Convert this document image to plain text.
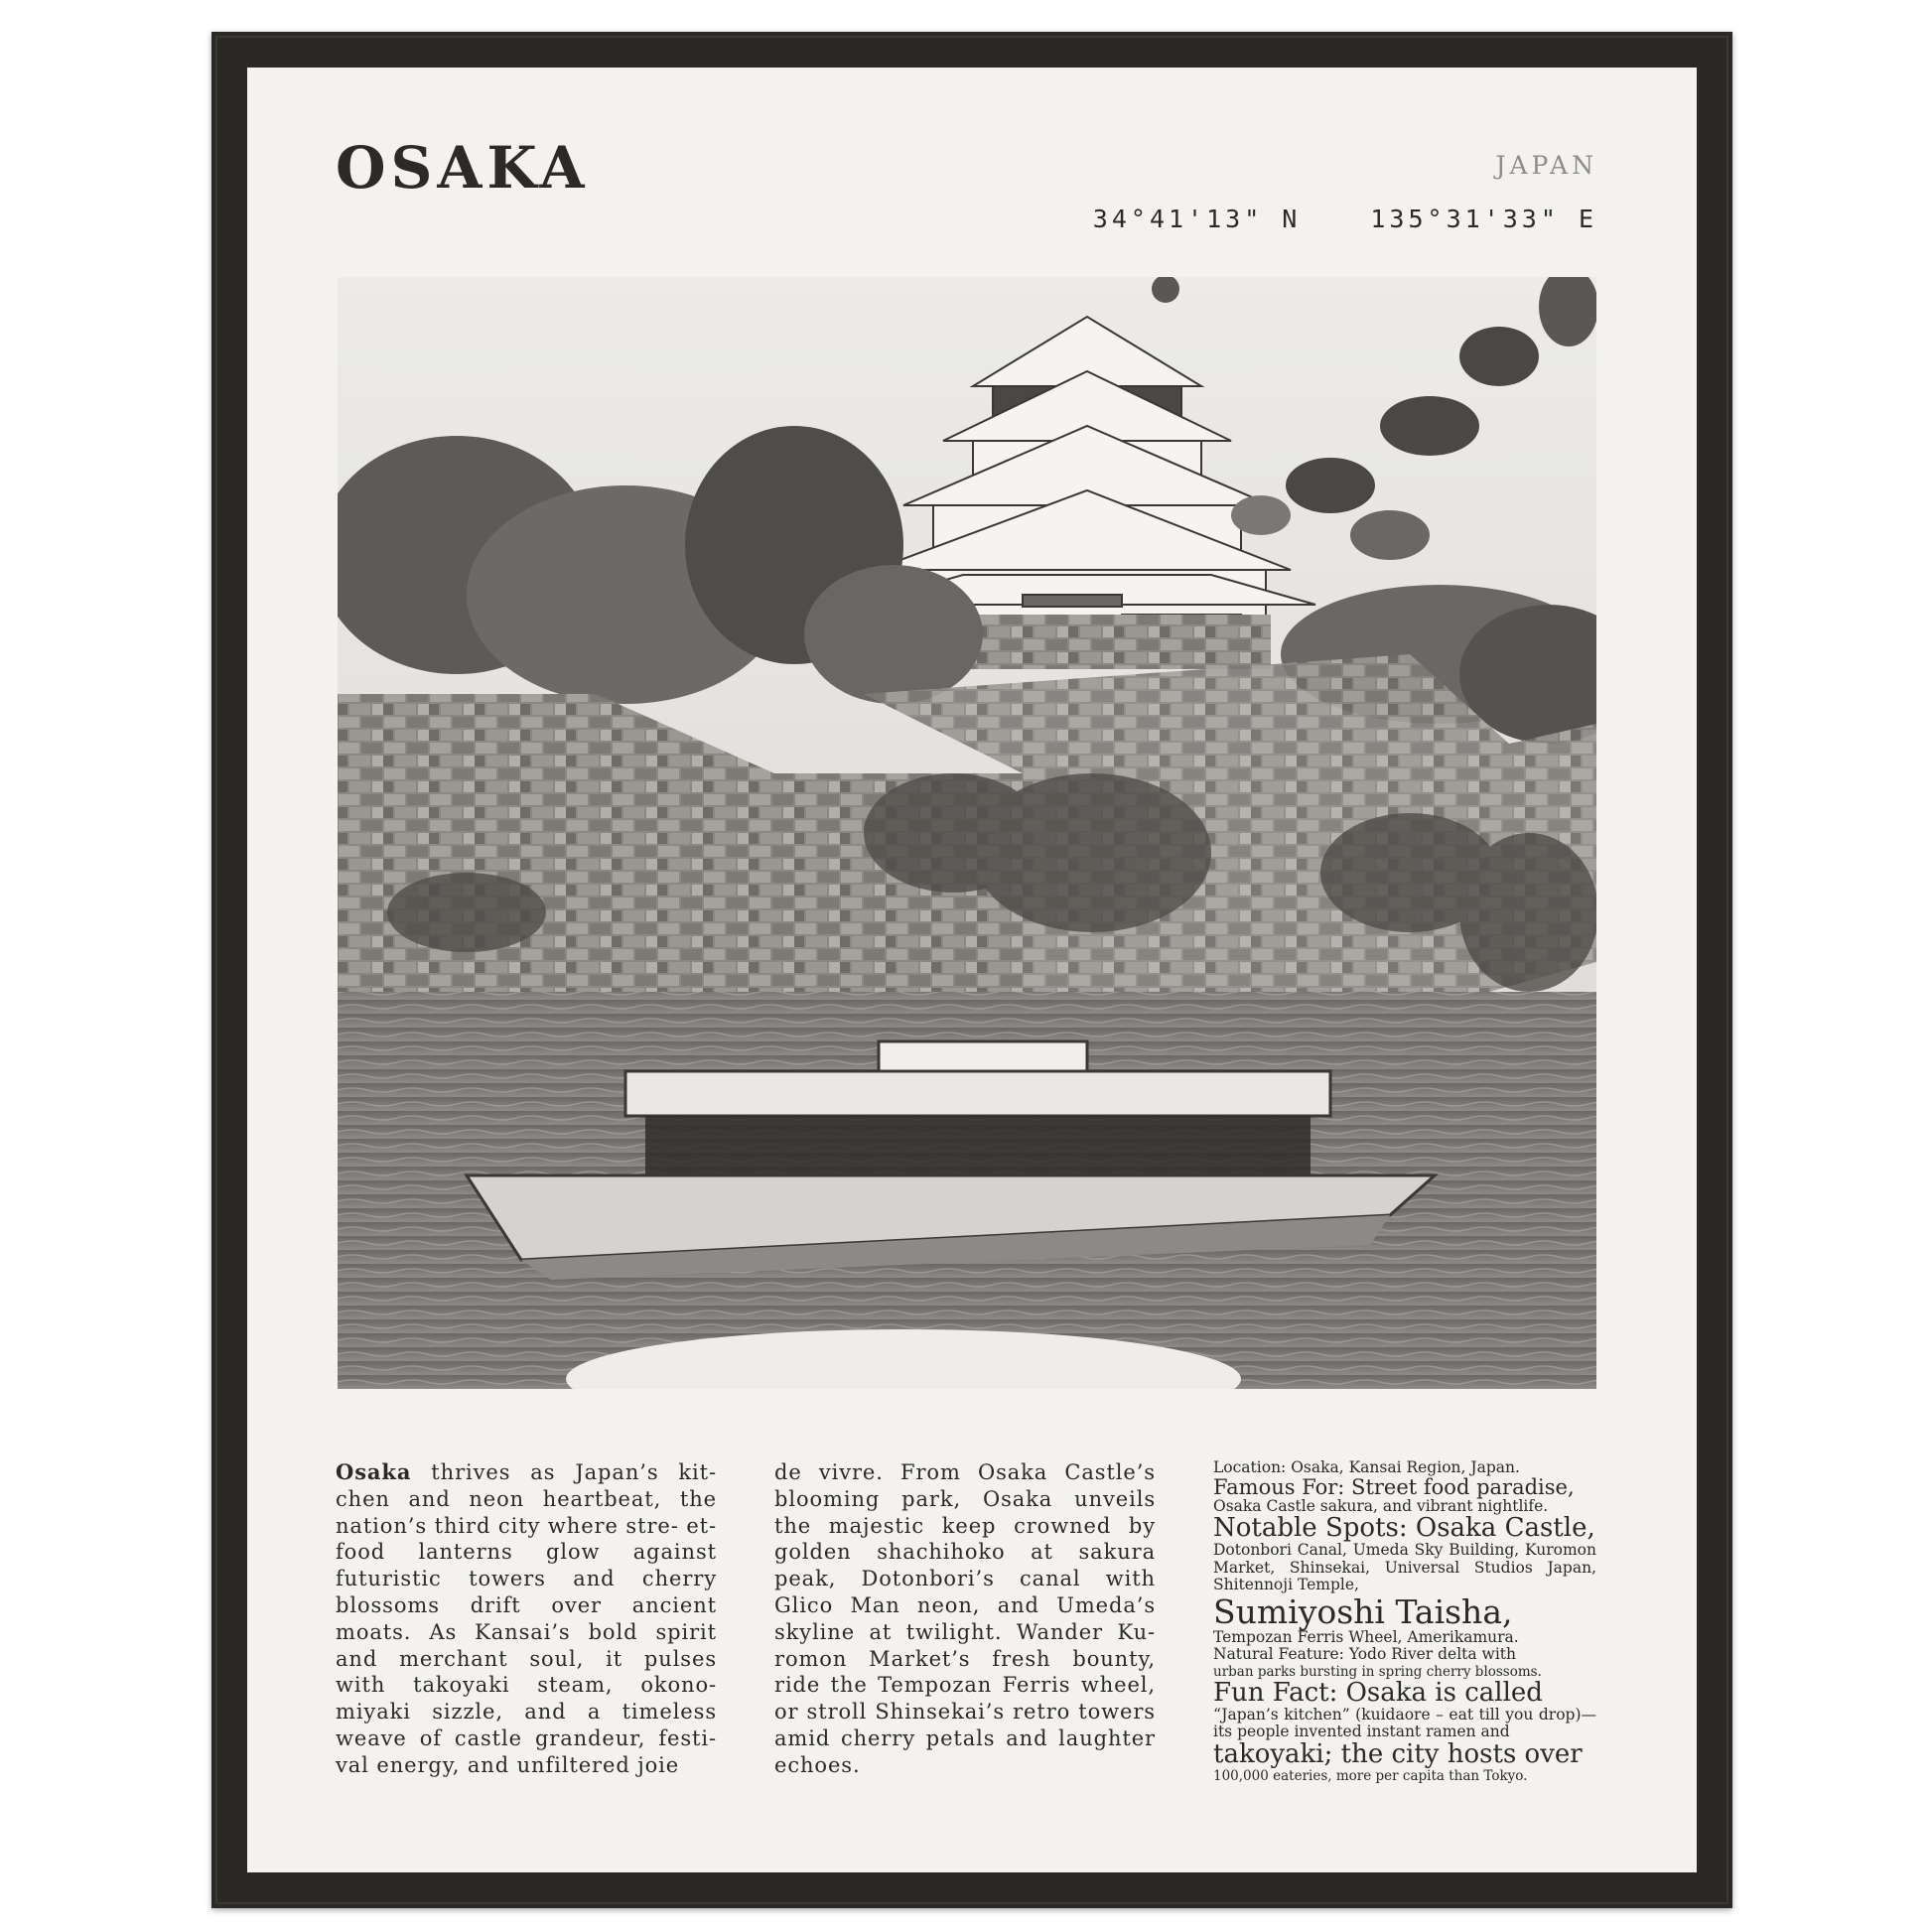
OSAKA	JAPAN
34°41'13" N	135°31'33" E
Osaka thrives as Japan’s kit- chen and neon heartbeat, the nation’s third city where stre- et-food lanterns glow against futuristic towers and cherry blossoms drift over ancient moats. As Kansai’s bold spirit and merchant soul, it pulses with takoyaki steam, okono- miyaki sizzle, and a timeless weave of castle grandeur, festi- val energy, and unfiltered joie
de vivre. From Osaka Castle’s blooming park, Osaka unveils the majestic keep crowned by golden shachihoko at sakura peak, Dotonbori’s canal with Glico Man neon, and Umeda’s skyline at twilight. Wander Ku- romon Market’s fresh bounty, ride the Tempozan Ferris wheel, or stroll Shinsekai’s retro towers amid cherry petals and laughter echoes.

Location: Osaka, Kansai Region, Japan.

Famous For: Street food paradise,

Osaka Castle sakura, and vibrant nightlife.

Notable Spots: Osaka Castle,

Dotonbori Canal, Umeda Sky Building, Kuromon Market, Shinsekai, Universal Studios Japan, Shitennoji Temple,

Sumiyoshi Taisha,

Tempozan Ferris Wheel, Amerikamura.

Natural Feature: Yodo River delta with

urban parks bursting in spring cherry blossoms.

Fun Fact: Osaka is called

“Japan’s kitchen” (kuidaore – eat till you drop)—its people invented instant ramen and

takoyaki; the city hosts over

100,000 eateries, more per capita than Tokyo.
